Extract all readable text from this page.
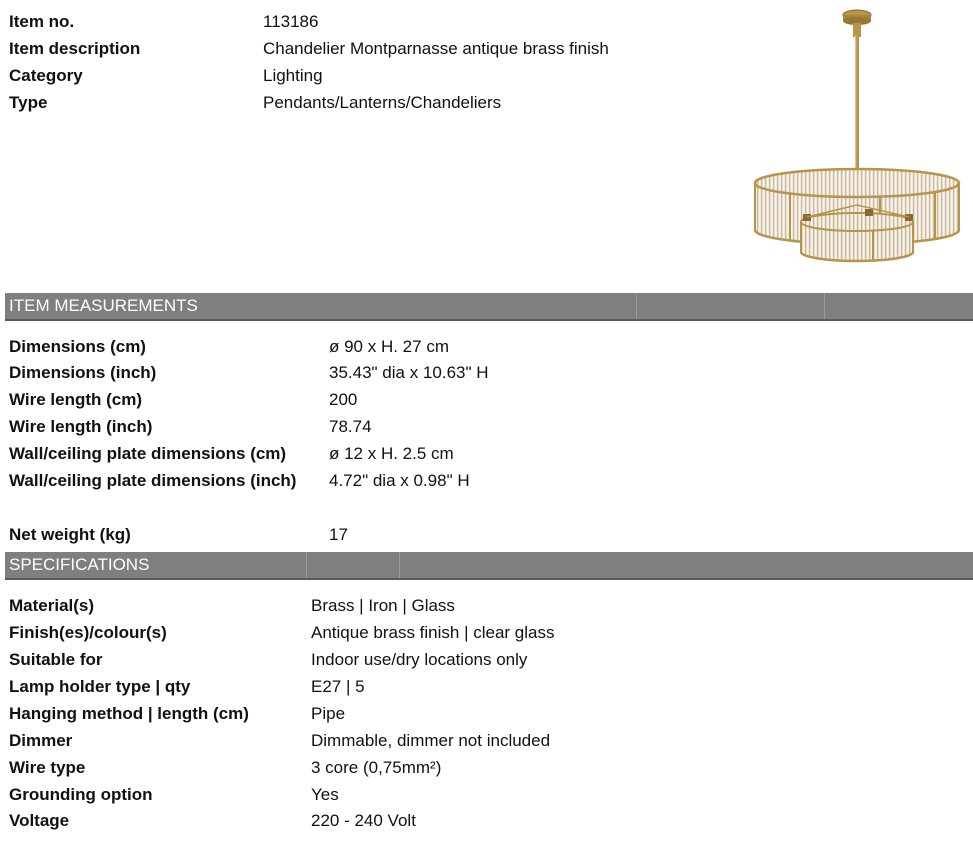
Item no.	113186
Item description	Chandelier Montparnasse antique brass finish
Category	Lighting
Type	Pendants/Lanterns/Chandeliers
ITEM MEASUREMENTS
Dimensions (cm)	ø 90 x H. 27 cm
Dimensions (inch)	35.43" dia x 10.63" H
Wire length (cm)	200
Wire length (inch)	78.74
Wall/ceiling plate dimensions (cm)	ø 12 x H. 2.5 cm
Wall/ceiling plate dimensions (inch) 4.72" dia x 0.98" H
Net weight (kg)	17
SPECIFICATIONS
Material(s)	Brass | Iron | Glass
Finish(es)/colour(s)	Antique brass finish | clear glass
Suitable for	Indoor use/dry locations only
Lamp holder type | qty	E27 | 5
Hanging method | length (cm)	Pipe
Dimmer	Dimmable, dimmer not included
Wire type	3 core (0,75mm²)
Grounding option	Yes
Voltage	220 - 240 Volt
